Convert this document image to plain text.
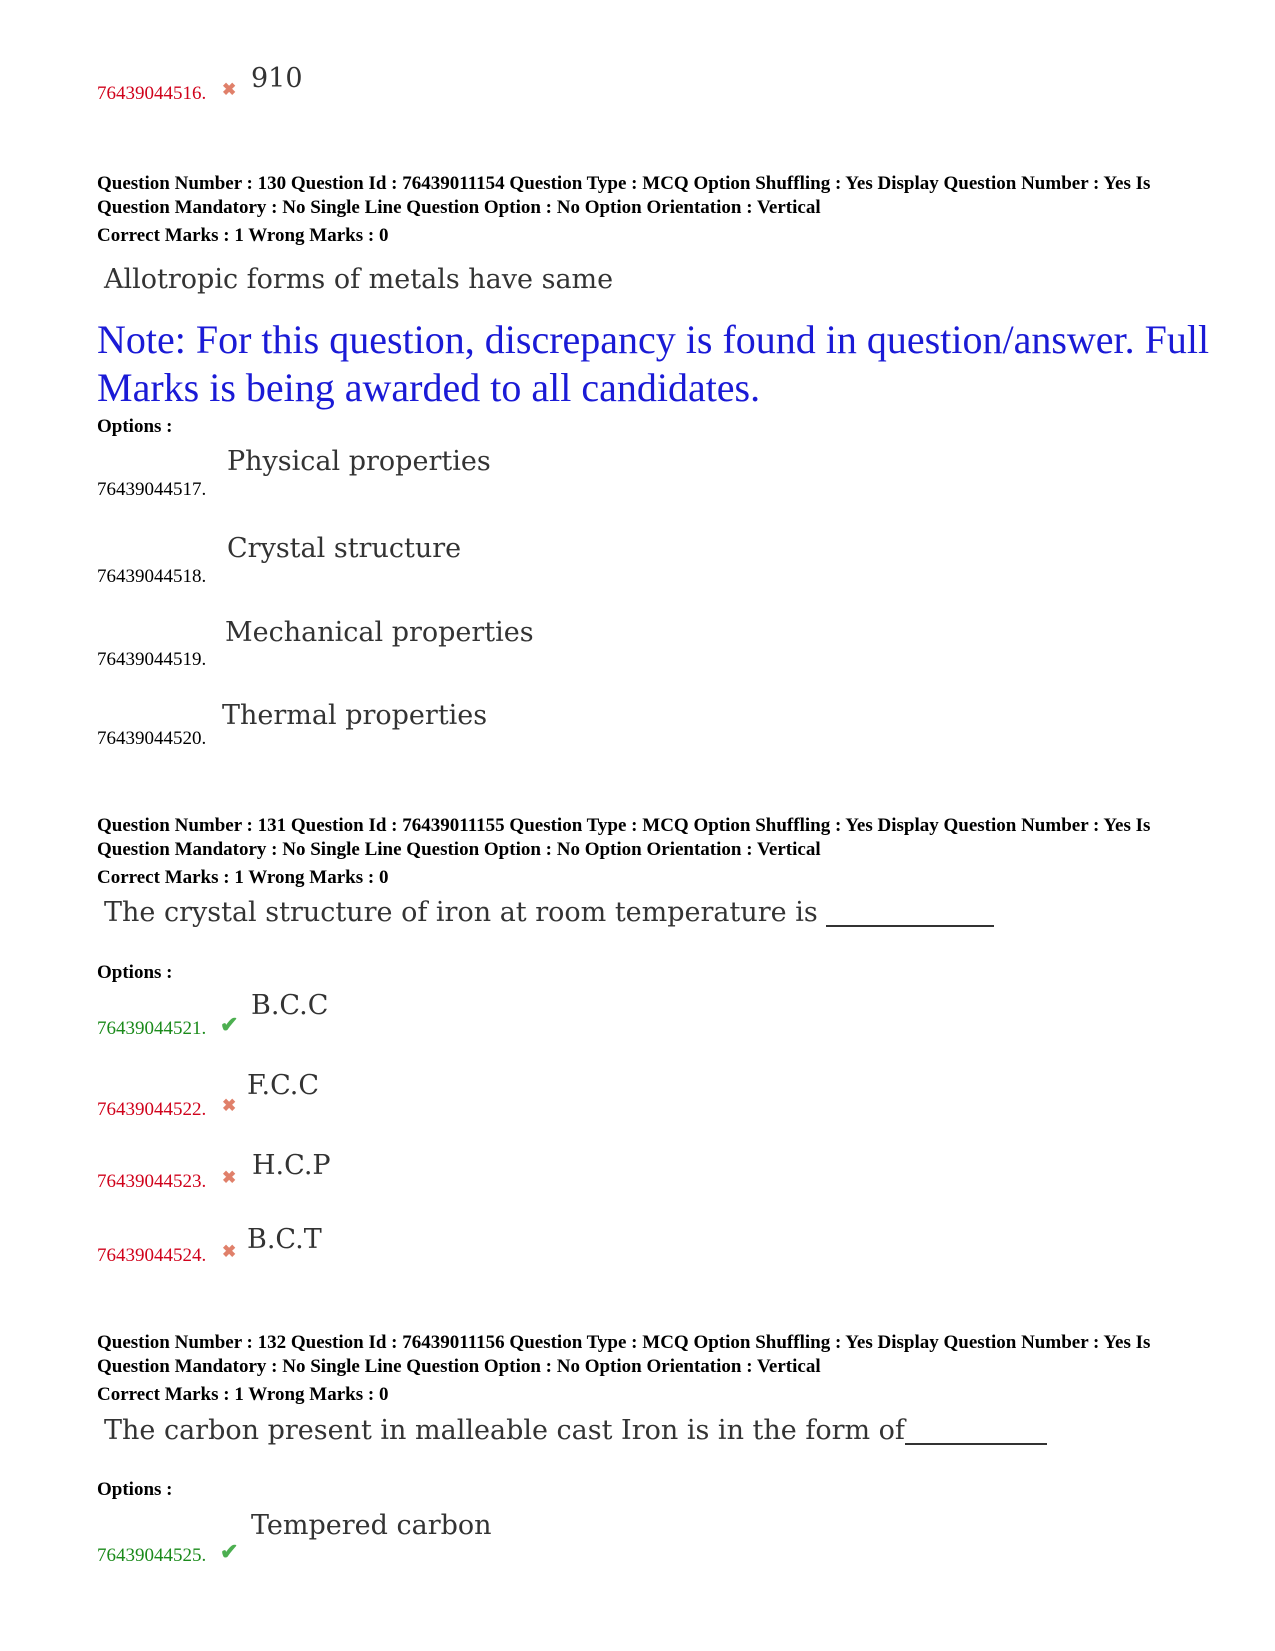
76439044516. ✖ 910
Question Number : 130 Question Id : 76439011154 Question Type : MCQ Option Shuffling : Yes Display Question Number : Yes Is Question Mandatory : No Single Line Question Option : No Option Orientation : Vertical
Correct Marks : 1 Wrong Marks : 0
Allotropic forms of metals have same
Note: For this question, discrepancy is found in question/answer. Full Marks is being awarded to all candidates.
Options :
76439044517.
Physical properties
76439044518.
Crystal structure
76439044519.
Mechanical properties
76439044520.
Thermal properties
Question Number : 131 Question Id : 76439011155 Question Type : MCQ Option Shuffling : Yes Display Question Number : Yes Is Question Mandatory : No Single Line Question Option : No Option Orientation : Vertical
Correct Marks : 1 Wrong Marks : 0
The crystal structure of iron at room temperature is
Options :
76439044521. ✔
B.C.C
76439044522. ✖
F.C.C
76439044523. ✖ H.C.P
76439044524. ✖ B.C.T
Question Number : 132 Question Id : 76439011156 Question Type : MCQ Option Shuffling : Yes Display Question Number : Yes Is Question Mandatory : No Single Line Question Option : No Option Orientation : Vertical
Correct Marks : 1 Wrong Marks : 0
The carbon present in malleable cast Iron is in the form of
Options :
76439044525. ✔
Tempered carbon
